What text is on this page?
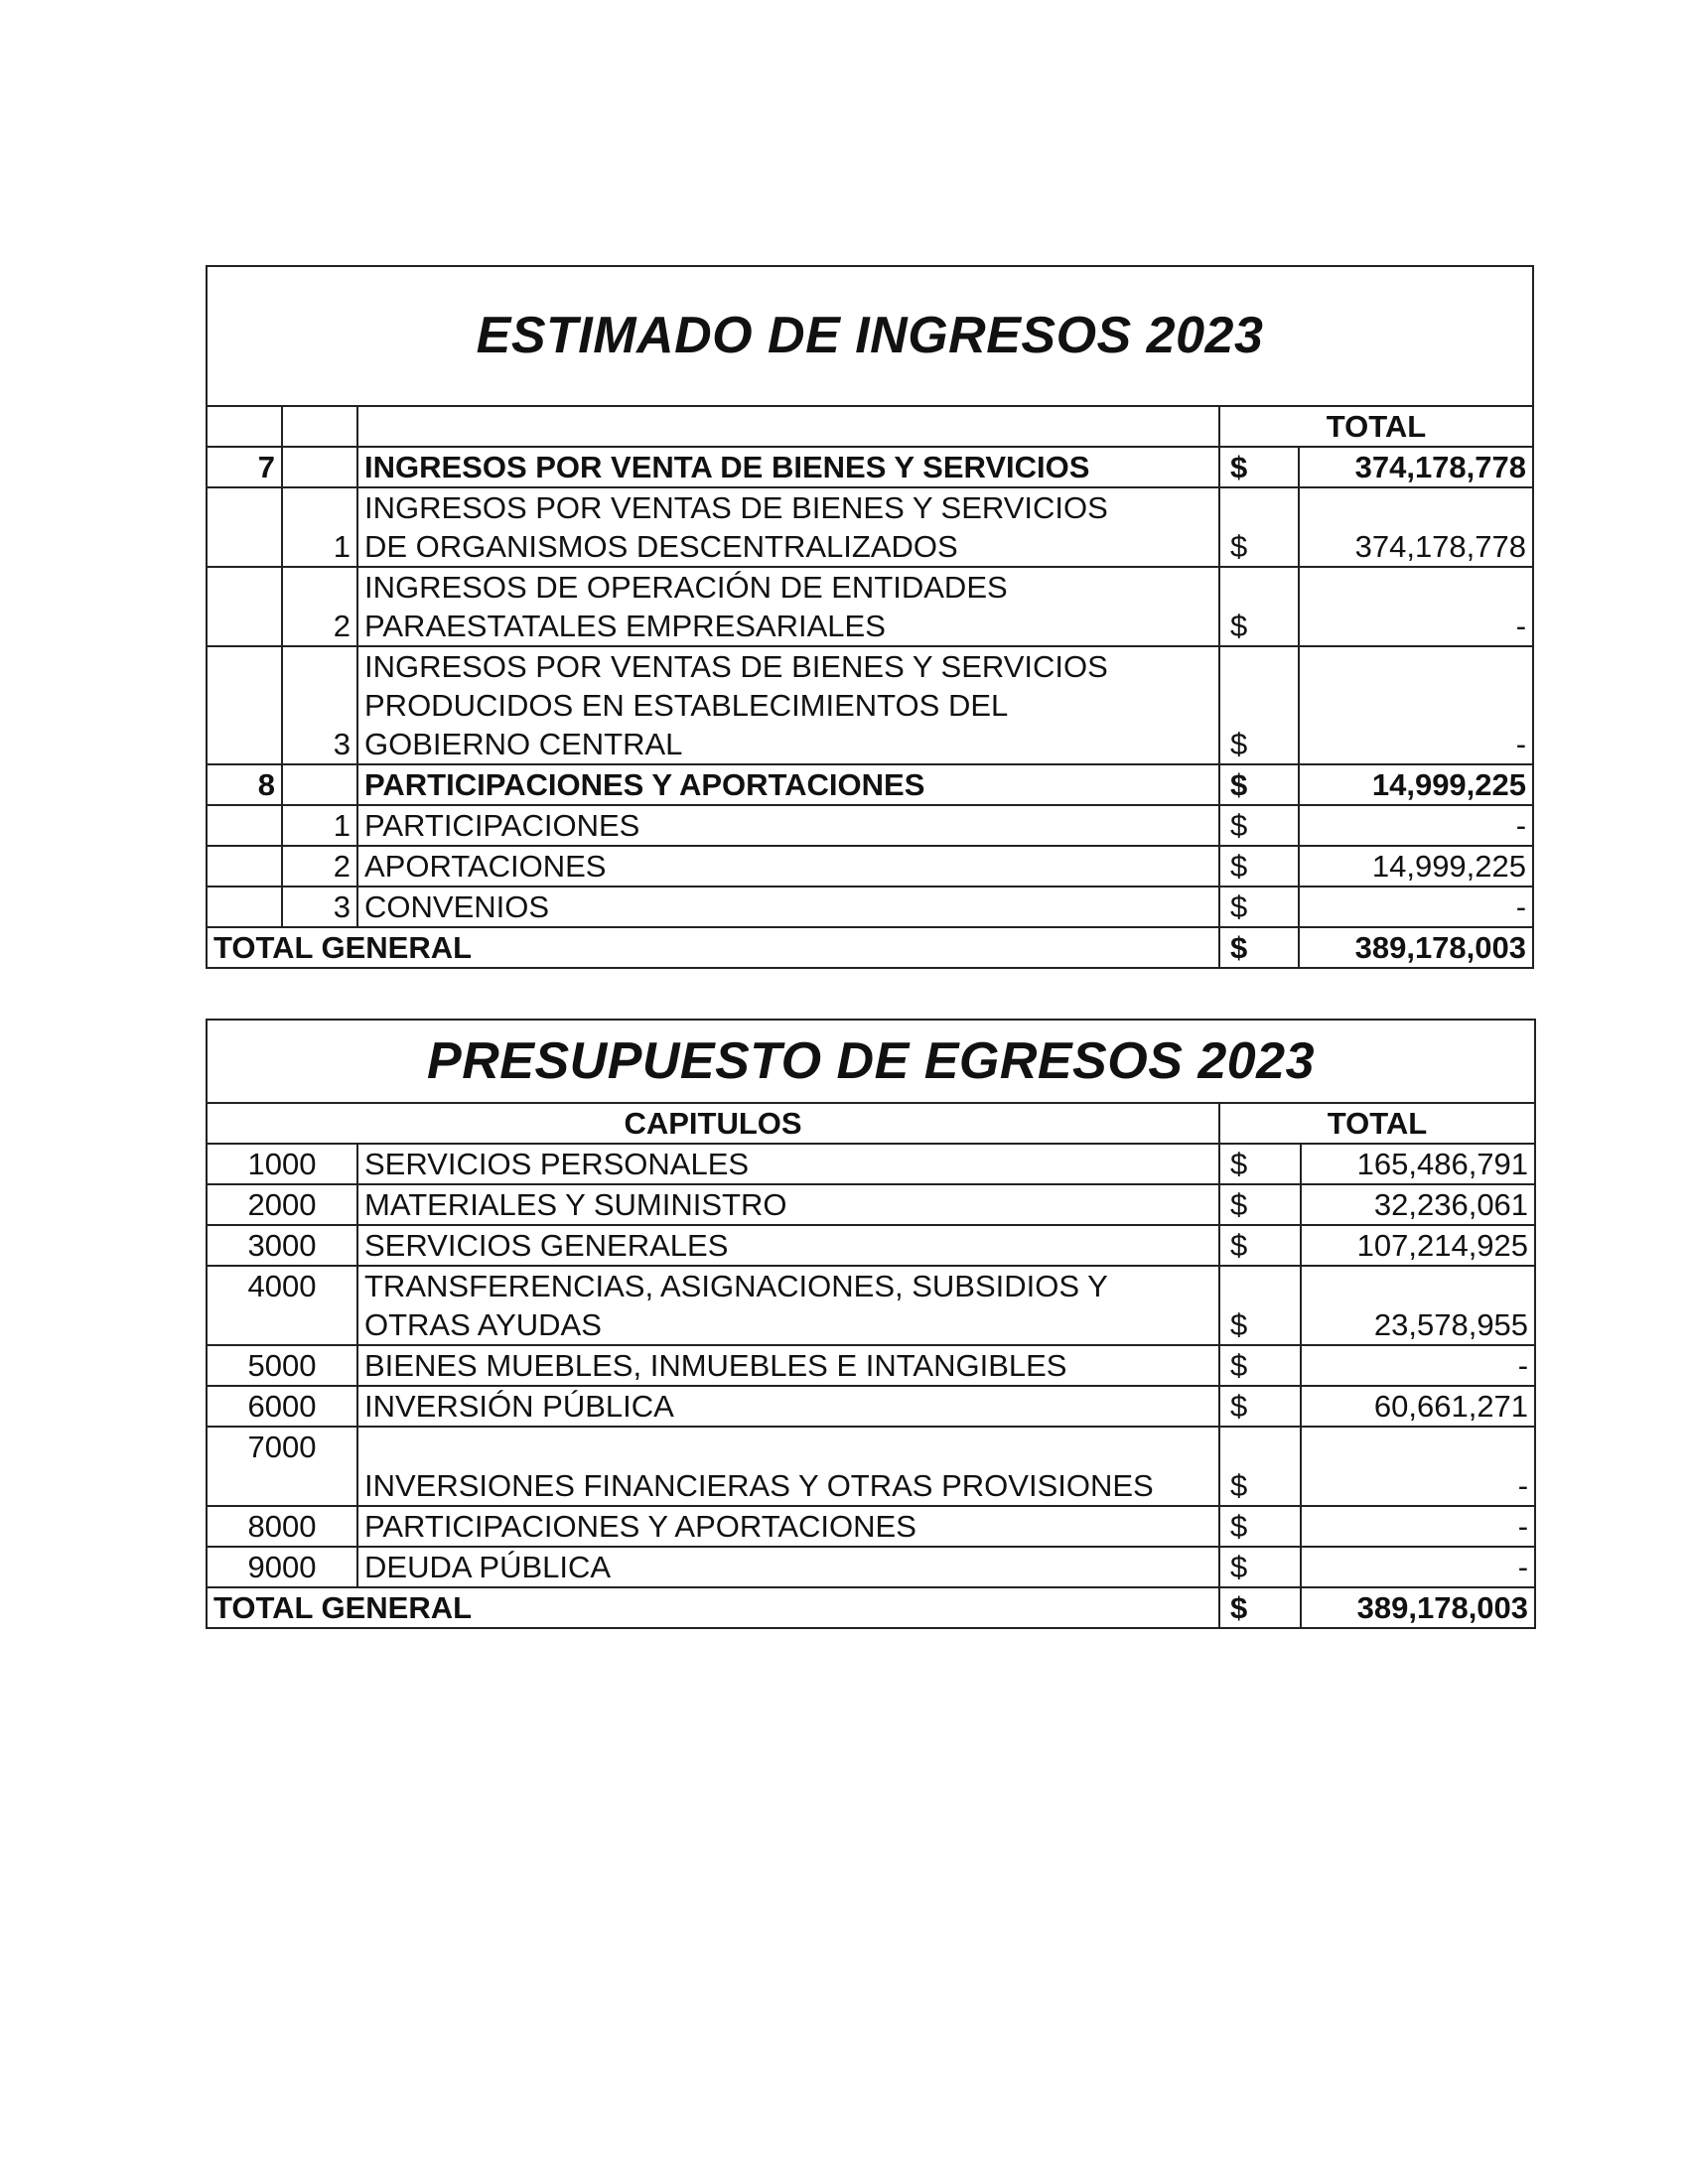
ESTIMADO DE INGRESOS 2023				
			TOTAL	
7		INGRESOS POR VENTA DE BIENES Y SERVICIOS	$	374,178,778
	1	INGRESOS POR VENTAS DE BIENES Y SERVICIOS
DE ORGANISMOS DESCENTRALIZADOS	$	374,178,778
	2	INGRESOS DE OPERACIÓN DE ENTIDADES
PARAESTATALES EMPRESARIALES	$	-
	3	INGRESOS POR VENTAS DE BIENES Y SERVICIOS
PRODUCIDOS EN ESTABLECIMIENTOS DEL
GOBIERNO CENTRAL	$	-
8		PARTICIPACIONES Y APORTACIONES	$	14,999,225
	1	PARTICIPACIONES	$	-
	2	APORTACIONES	$	14,999,225
	3	CONVENIOS	$	-
TOTAL GENERAL			$	389,178,003
PRESUPUESTO DE EGRESOS 2023			
CAPITULOS		TOTAL	
1000	SERVICIOS PERSONALES	$	165,486,791
2000	MATERIALES Y SUMINISTRO	$	32,236,061
3000	SERVICIOS GENERALES	$	107,214,925
4000	TRANSFERENCIAS, ASIGNACIONES, SUBSIDIOS Y
OTRAS AYUDAS	$	23,578,955
5000	BIENES MUEBLES, INMUEBLES E INTANGIBLES	$	-
6000	INVERSIÓN PÚBLICA	$	60,661,271
7000	INVERSIONES FINANCIERAS Y OTRAS PROVISIONES	$	-
8000	PARTICIPACIONES Y APORTACIONES	$	-
9000	DEUDA PÚBLICA	$	-
TOTAL GENERAL		$	389,178,003
